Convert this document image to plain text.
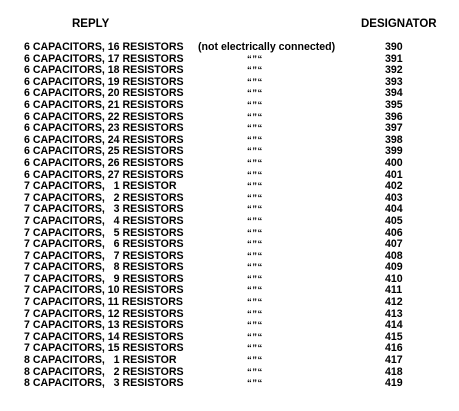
REPLY	DESIGNATOR
6 CAPACITORS, 16 RESISTORS (not electrically connected)	390
6 CAPACITORS, 17 RESISTORS	“”“	391
6 CAPACITORS, 18 RESISTORS	“”“	392
6 CAPACITORS, 19 RESISTORS	“”“	393
6 CAPACITORS, 20 RESISTORS	“”“	394
6 CAPACITORS, 21 RESISTORS	“”“	395
6 CAPACITORS, 22 RESISTORS	“”“	396
6 CAPACITORS, 23 RESISTORS	“”“	397
6 CAPACITORS, 24 RESISTORS	“”“	398
6 CAPACITORS, 25 RESISTORS	“”“	399
6 CAPACITORS, 26 RESISTORS	“”“	400
6 CAPACITORS, 27 RESISTORS	“”“	401
7 CAPACITORS,   1 RESISTOR	“”“	402
7 CAPACITORS,   2 RESISTORS	“”“	403
7 CAPACITORS,   3 RESISTORS	“”“	404
7 CAPACITORS,   4 RESISTORS	“”“	405
7 CAPACITORS,   5 RESISTORS	“”“	406
7 CAPACITORS,   6 RESISTORS	“”“	407
7 CAPACITORS,   7 RESISTORS	“”“	408
7 CAPACITORS,   8 RESISTORS	“”“	409
7 CAPACITORS,   9 RESISTORS	“”“	410
7 CAPACITORS, 10 RESISTORS	“”“	411
7 CAPACITORS, 11 RESISTORS	“”“	412
7 CAPACITORS, 12 RESISTORS	“”“	413
7 CAPACITORS, 13 RESISTORS	“”“	414
7 CAPACITORS, 14 RESISTORS	“”“	415
7 CAPACITORS, 15 RESISTORS	“”“	416
8 CAPACITORS,   1 RESISTOR	“”“	417
8 CAPACITORS,   2 RESISTORS	“”“	418
8 CAPACITORS,   3 RESISTORS	“”“	419
